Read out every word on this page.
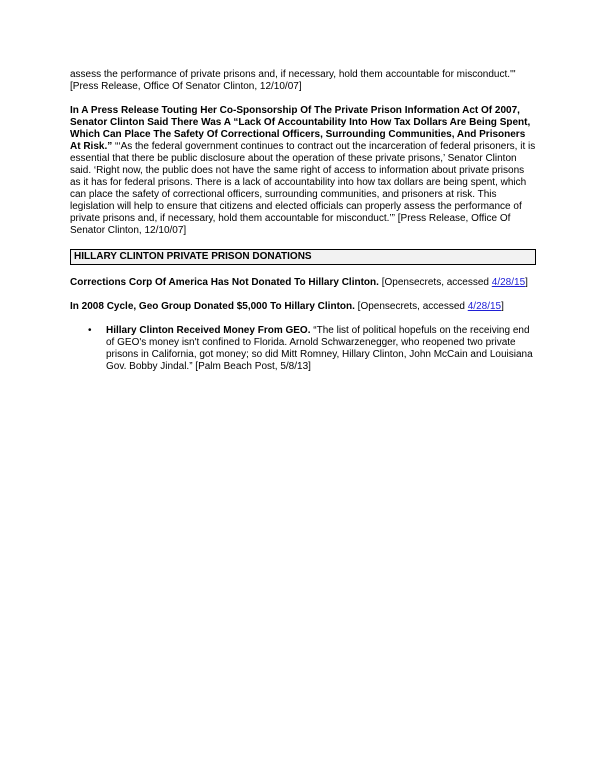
assess the performance of private prisons and, if necessary, hold them accountable for misconduct.'" [Press Release, Office Of Senator Clinton, 12/10/07]

In A Press Release Touting Her Co-Sponsorship Of The Private Prison Information Act Of 2007, Senator Clinton Said There Was A “Lack Of Accountability Into How Tax Dollars Are Being Spent, Which Can Place The Safety Of Correctional Officers, Surrounding Communities, And Prisoners At Risk.” “‘As the federal government continues to contract out the incarceration of federal prisoners, it is essential that there be public disclosure about the operation of these private prisons,’ Senator Clinton said. ‘Right now, the public does not have the same right of access to information about private prisons as it has for federal prisons. There is a lack of accountability into how tax dollars are being spent, which can place the safety of correctional officers, surrounding communities, and prisoners at risk. This legislation will help to ensure that citizens and elected officials can properly assess the performance of private prisons and, if necessary, hold them accountable for misconduct.’” [Press Release, Office Of Senator Clinton, 12/10/07]

HILLARY CLINTON PRIVATE PRISON DONATIONS

Corrections Corp Of America Has Not Donated To Hillary Clinton. [Opensecrets, accessed 4/28/15]

In 2008 Cycle, Geo Group Donated $5,000 To Hillary Clinton. [Opensecrets, accessed 4/28/15]

• Hillary Clinton Received Money From GEO. “The list of political hopefuls on the receiving end of GEO's money isn't confined to Florida. Arnold Schwarzenegger, who reopened two private prisons in California, got money; so did Mitt Romney, Hillary Clinton, John McCain and Louisiana Gov. Bobby Jindal.” [Palm Beach Post, 5/8/13]
